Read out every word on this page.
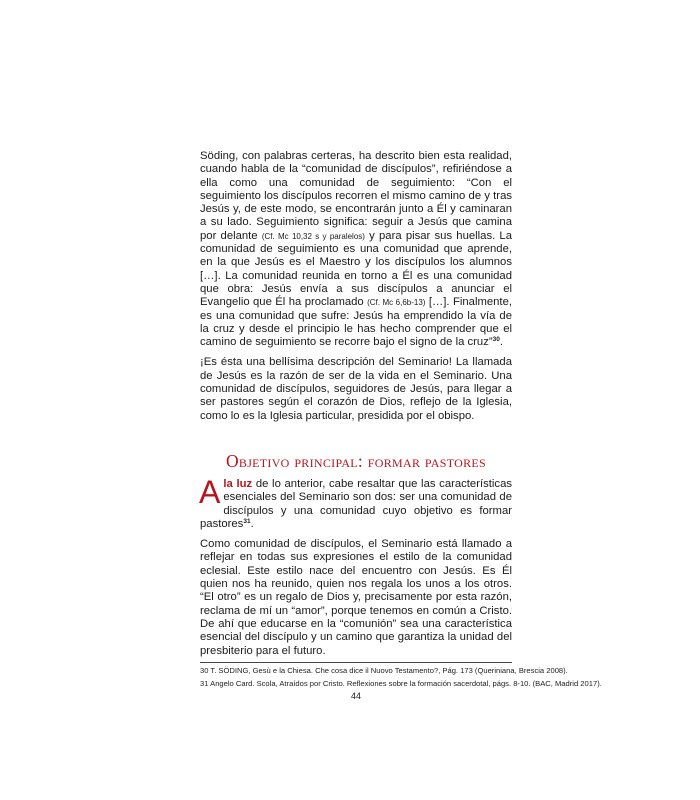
Söding, con palabras certeras, ha descrito bien esta realidad, cuando habla de la “comunidad de discípulos”, refiriéndose a ella como una comunidad de seguimiento: “Con el seguimiento los discípulos recorren el mismo camino de y tras Jesús y, de este modo, se encontrarán junto a Él y caminaran a su lado. Seguimiento significa: seguir a Jesús que camina por delante (Cf. Mc 10,32 s y paralelos) y para pisar sus huellas. La comunidad de seguimiento es una comunidad que aprende, en la que Jesús es el Maestro y los discípulos los alumnos […]. La comunidad reunida en torno a Él es una comunidad que obra: Jesús envía a sus discípulos a anunciar el Evangelio que Él ha proclamado (Cf. Mc 6,6b-13) […]. Finalmente, es una comunidad que sufre: Jesús ha emprendido la vía de la cruz y desde el principio le has hecho comprender que el camino de seguimiento se recorre bajo el signo de la cruz”$^{30}$.

¡Es ésta una bellísima descripción del Seminario! La llamada de Jesús es la razón de ser de la vida en el Seminario. Una comunidad de discípulos, seguidores de Jesús, para llegar a ser pastores según el corazón de Dios, reflejo de la Iglesia, como lo es la Iglesia particular, presidida por el obispo.

Objetivo principal: formar pastores

Ala luz de lo anterior, cabe resaltar que las características esenciales del Seminario son dos: ser una comunidad de discípulos y una comunidad cuyo objetivo es formar pastores$^{31}$.

Como comunidad de discípulos, el Seminario está llamado a reflejar en todas sus expresiones el estilo de la comunidad eclesial. Este estilo nace del encuentro con Jesús. Es Él quien nos ha reunido, quien nos regala los unos a los otros. “El otro” es un regalo de Dios y, precisamente por esta razón, reclama de mí un “amor”, porque tenemos en común a Cristo. De ahí que educarse en la “comunión” sea una característica esencial del discípulo y un camino que garantiza la unidad del presbiterio para el futuro.

30 T. SÖDING, Gesù e la Chiesa. Che cosa dice il Nuovo Testamento?, Pág. 173 (Queriniana, Brescia 2008).
31 Angelo Card. Scola, Atraídos por Cristo. Reflexiones sobre la formación sacerdotal, págs. 8-10. (BAC, Madrid 2017).
44
